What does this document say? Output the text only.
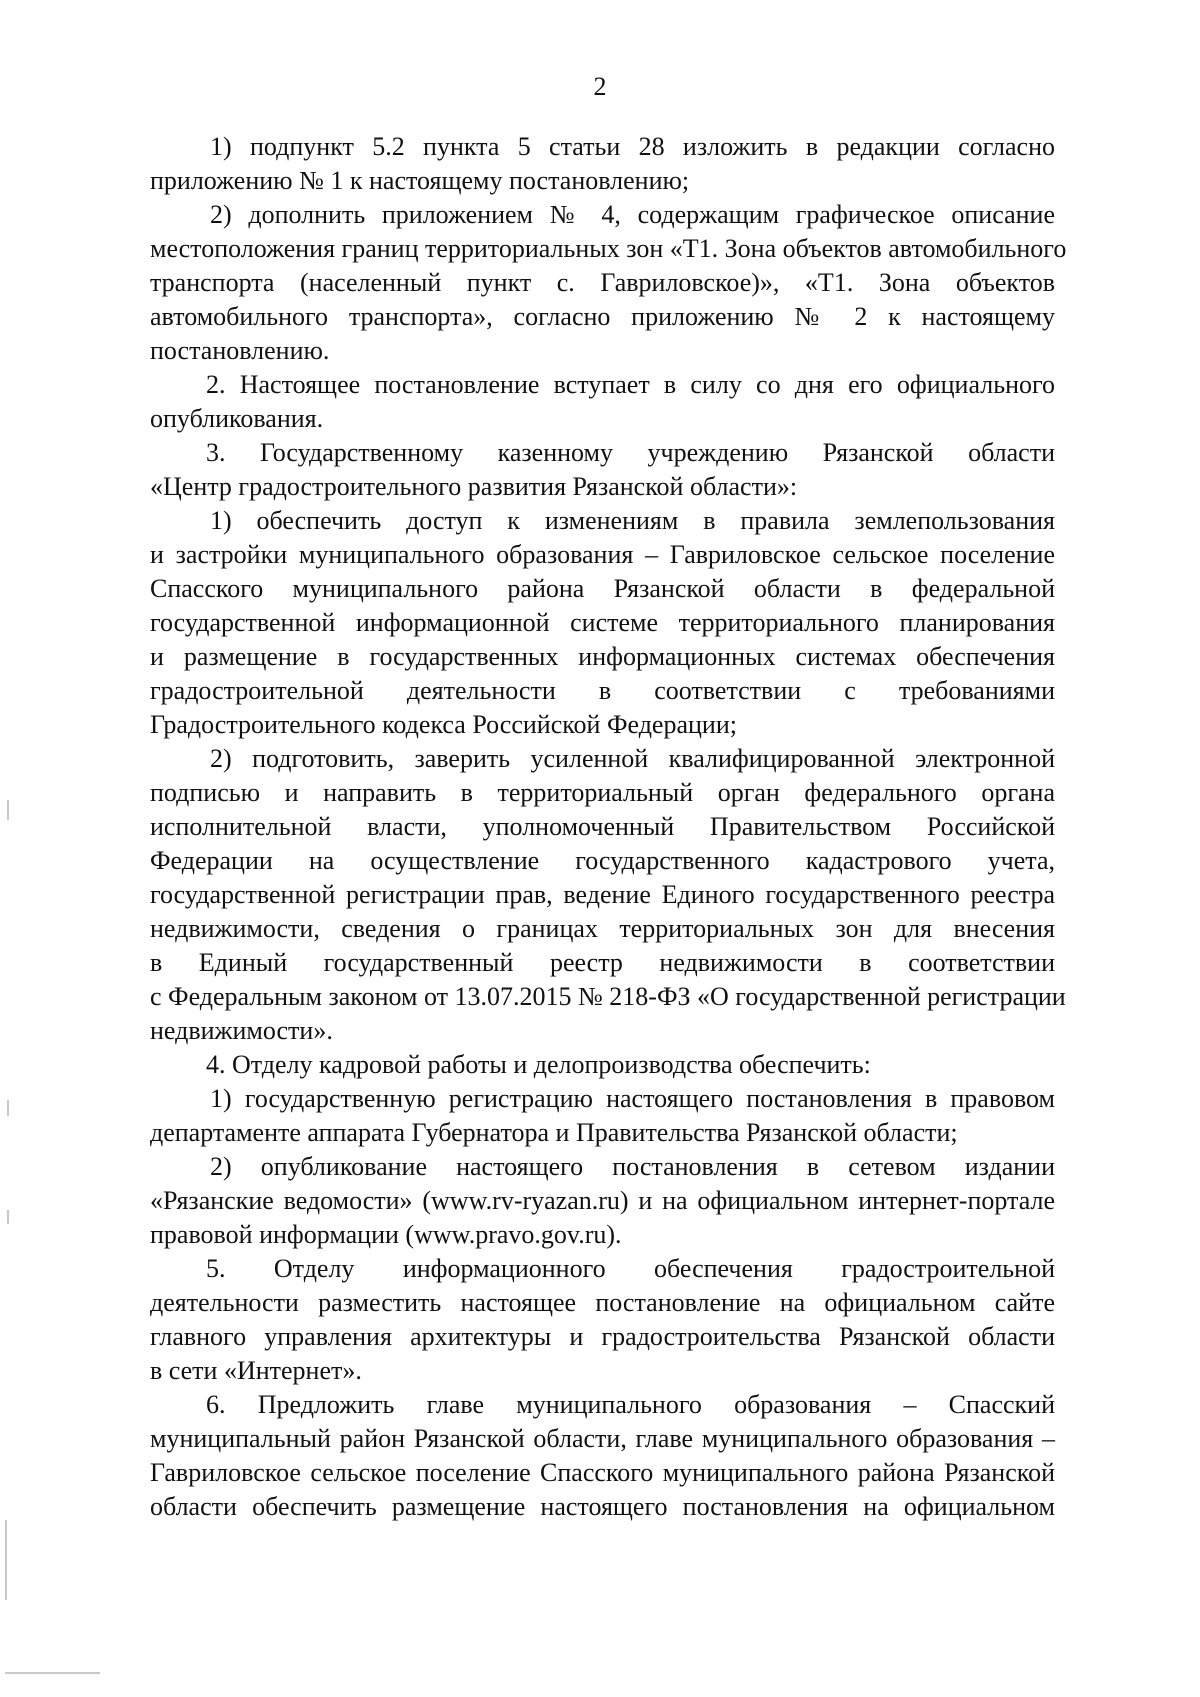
2
1) подпункт 5.2 пункта 5 статьи 28 изложить в редакции согласно
приложению № 1 к настоящему постановлению;
2) дополнить приложением № 4, содержащим графическое описание
местоположения границ территориальных зон «Т1. Зона объектов автомобильного
транспорта (населенный пункт с. Гавриловское)», «Т1. Зона объектов
автомобильного транспорта», согласно приложению № 2 к настоящему
постановлению.
2. Настоящее постановление вступает в силу со дня его официального
опубликования.
3. Государственному казенному учреждению Рязанской области
«Центр градостроительного развития Рязанской области»:
1) обеспечить доступ к изменениям в правила землепользования
и застройки муниципального образования – Гавриловское сельское поселение
Спасского муниципального района Рязанской области в федеральной
государственной информационной системе территориального планирования
и размещение в государственных информационных системах обеспечения
градостроительной деятельности в соответствии с требованиями
Градостроительного кодекса Российской Федерации;
2) подготовить, заверить усиленной квалифицированной электронной
подписью и направить в территориальный орган федерального органа
исполнительной власти, уполномоченный Правительством Российской
Федерации на осуществление государственного кадастрового учета,
государственной регистрации прав, ведение Единого государственного реестра
недвижимости, сведения о границах территориальных зон для внесения
в Единый государственный реестр недвижимости в соответствии
с Федеральным законом от 13.07.2015 № 218-ФЗ «О государственной регистрации
недвижимости».
4. Отделу кадровой работы и делопроизводства обеспечить:
1) государственную регистрацию настоящего постановления в правовом
департаменте аппарата Губернатора и Правительства Рязанской области;
2) опубликование настоящего постановления в сетевом издании
«Рязанские ведомости» (www.rv-ryazan.ru) и на официальном интернет-портале
правовой информации (www.pravo.gov.ru).
5. Отделу информационного обеспечения градостроительной
деятельности разместить настоящее постановление на официальном сайте
главного управления архитектуры и градостроительства Рязанской области
в сети «Интернет».
6. Предложить главе муниципального образования – Спасский
муниципальный район Рязанской области, главе муниципального образования –
Гавриловское сельское поселение Спасского муниципального района Рязанской
области обеспечить размещение настоящего постановления на официальном
